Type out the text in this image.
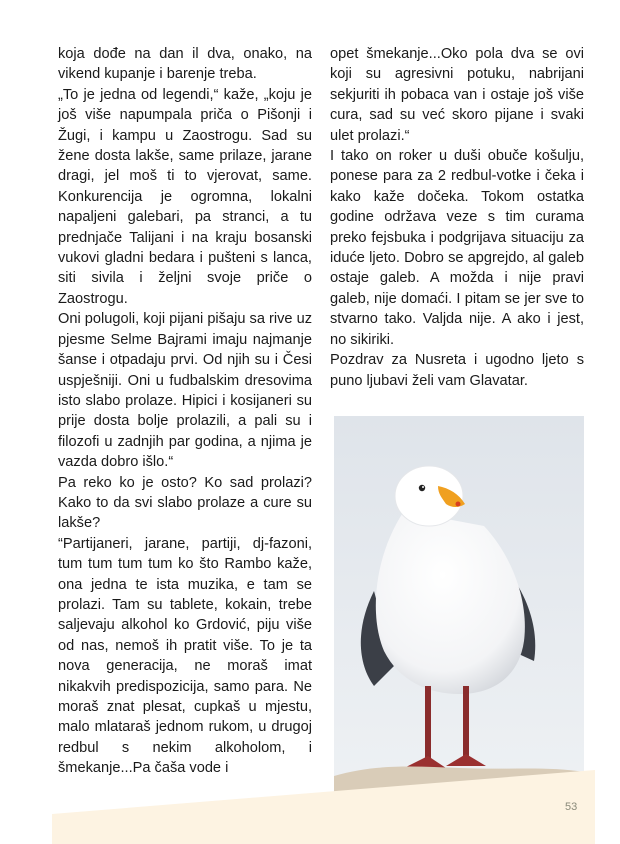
koja dođe na dan il dva, onako, na vikend kupanje i barenje treba.

„To je jedna od legendi,“ kaže, „koju je još više napumpala priča o Pišonji i Žugi, i kampu u Zaostrogu. Sad su žene dosta lakše, same prilaze, jarane dragi, jel moš ti to vjerovat, same. Konkurencija je ogromna, lokalni napaljeni galebari, pa stranci, a tu prednjače Talijani i na kraju bosanski vukovi gladni bedara i pušteni s lanca, siti sivila i željni svoje priče o Zaostrogu.

Oni polugoli, koji pijani pišaju sa rive uz pjesme Selme Bajrami imaju najmanje šanse i otpadaju prvi. Od njih su i Česi uspješniji. Oni u fudbalskim dresovima isto slabo prolaze. Hipici i kosijaneri su prije dosta bolje prolazili, a pali su i filozofi u zadnjih par godina, a njima je vazda dobro išlo.“

Pa reko ko je osto? Ko sad prolazi? Kako to da svi slabo prolaze a cure su lakše?

“Partijaneri, jarane, partiji, dj-fazoni, tum tum tum tum ko što Rambo kaže, ona jedna te ista muzika, e tam se prolazi. Tam su tablete, kokain, trebe saljevaju alkohol ko Grdović, piju više od nas, nemoš ih pratit više. To je ta nova generacija, ne moraš imat nikakvih predispozicija, samo para. Ne moraš znat plesat, cupkaš u mjestu, malo mlataraš jednom rukom, u drugoj redbul s nekim alkoholom, i šmekanje...Pa čaša vode i

opet šmekanje...Oko pola dva se ovi koji su agresivni potuku, nabrijani sekjuriti ih pobaca van i ostaje još više cura, sad su već skoro pijane i svaki ulet prolazi.“

I tako on roker u duši obuče košulju, ponese para za 2 redbul-votke i čeka i kako kaže dočeka. Tokom ostatka godine održava veze s tim curama preko fejsbuka i podgrijava situaciju za iduće ljeto. Dobro se apgrejdo, al galeb ostaje galeb. A možda i nije pravi galeb, nije domaći. I pitam se jer sve to stvarno tako. Valjda nije. A ako i jest, no sikiriki.

Pozdrav za Nusreta i ugodno ljeto s puno ljubavi želi vam Glavatar.

53
